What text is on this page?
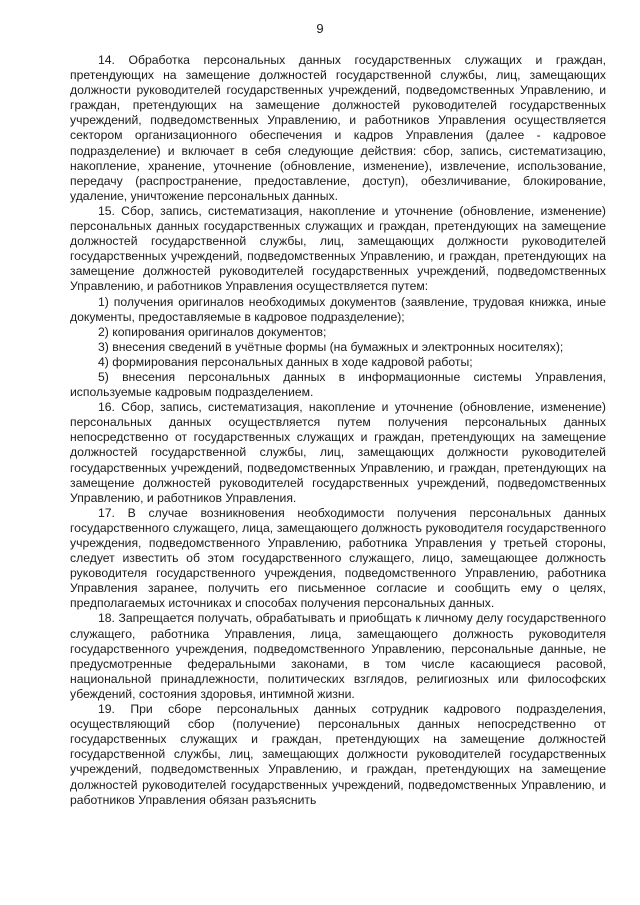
9

14. Обработка персональных данных государственных служащих и граждан, претендующих на замещение должностей государственной службы, лиц, замещающих должности руководителей государственных учреждений, подведомственных Управлению, и граждан, претендующих на замещение должностей руководителей государственных учреждений, подведомственных Управлению, и работников Управления осуществляется сектором организационного обеспечения и кадров Управления (далее - кадровое подразделение) и включает в себя следующие действия: сбор, запись, систематизацию, накопление, хранение, уточнение (обновление, изменение), извлечение, использование, передачу (распространение, предоставление, доступ), обезличивание, блокирование, удаление, уничтожение персональных данных.

15. Сбор, запись, систематизация, накопление и уточнение (обновление, изменение) персональных данных государственных служащих и граждан, претендующих на замещение должностей государственной службы, лиц, замещающих должности руководителей государственных учреждений, подведомственных Управлению, и граждан, претендующих на замещение должностей руководителей государственных учреждений, подведомственных Управлению, и работников Управления осуществляется путем:

1) получения оригиналов необходимых документов (заявление, трудовая книжка, иные документы, предоставляемые в кадровое подразделение);

2) копирования оригиналов документов;

3) внесения сведений в учётные формы (на бумажных и электронных носителях);

4) формирования персональных данных в ходе кадровой работы;

5) внесения персональных данных в информационные системы Управления, используемые кадровым подразделением.

16. Сбор, запись, систематизация, накопление и уточнение (обновление, изменение) персональных данных осуществляется путем получения персональных данных непосредственно от государственных служащих и граждан, претендующих на замещение должностей государственной службы, лиц, замещающих должности руководителей государственных учреждений, подведомственных Управлению, и граждан, претендующих на замещение должностей руководителей государственных учреждений, подведомственных Управлению, и работников Управления.

17. В случае возникновения необходимости получения персональных данных государственного служащего, лица, замещающего должность руководителя государственного учреждения, подведомственного Управлению, работника Управления у третьей стороны, следует известить об этом государственного служащего, лицо, замещающее должность руководителя государственного учреждения, подведомственного Управлению, работника Управления заранее, получить его письменное согласие и сообщить ему о целях, предполагаемых источниках и способах получения персональных данных.

18. Запрещается получать, обрабатывать и приобщать к личному делу государственного служащего, работника Управления, лица, замещающего должность руководителя государственного учреждения, подведомственного Управлению, персональные данные, не предусмотренные федеральными законами, в том числе касающиеся расовой, национальной принадлежности, политических взглядов, религиозных или философских убеждений, состояния здоровья, интимной жизни.

19. При сборе персональных данных сотрудник кадрового подразделения, осуществляющий сбор (получение) персональных данных непосредственно от государственных служащих и граждан, претендующих на замещение должностей государственной службы, лиц, замещающих должности руководителей государственных учреждений, подведомственных Управлению, и граждан, претендующих на замещение должностей руководителей государственных учреждений, подведомственных Управлению, и работников Управления обязан разъяснить
